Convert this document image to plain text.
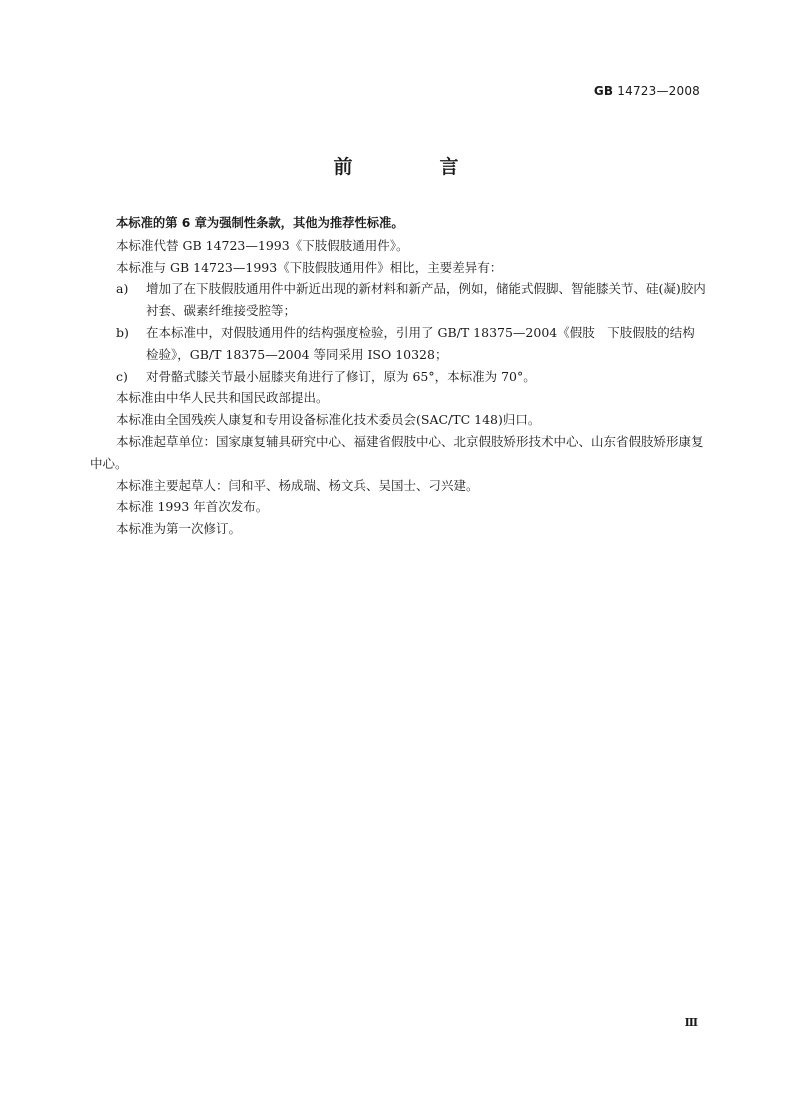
GB 14723—2008
前　言

本标准的第 6 章为强制性条款，其他为推荐性标准。

本标准代替 GB 14723—1993《下肢假肢通用件》。

本标准与 GB 14723—1993《下肢假肢通用件》相比，主要差异有：

a)	增加了在下肢假肢通用件中新近出现的新材料和新产品，例如，储能式假脚、智能膝关节、硅(凝)胶内衬套、碳素纤维接受腔等；
b)	在本标准中，对假肢通用件的结构强度检验，引用了 GB/T 18375—2004《假肢　下肢假肢的结构检验》，GB/T 18375—2004 等同采用 ISO 10328；
c)	对骨骼式膝关节最小屈膝夹角进行了修订，原为 65°，本标准为 70°。

本标准由中华人民共和国民政部提出。

本标准由全国残疾人康复和专用设备标准化技术委员会(SAC/TC 148)归口。

本标准起草单位：国家康复辅具研究中心、福建省假肢中心、北京假肢矫形技术中心、山东省假肢矫形康复中心。

本标准主要起草人：闫和平、杨成瑞、杨文兵、吴国士、刁兴建。

本标准 1993 年首次发布。

本标准为第一次修订。

Ⅲ
